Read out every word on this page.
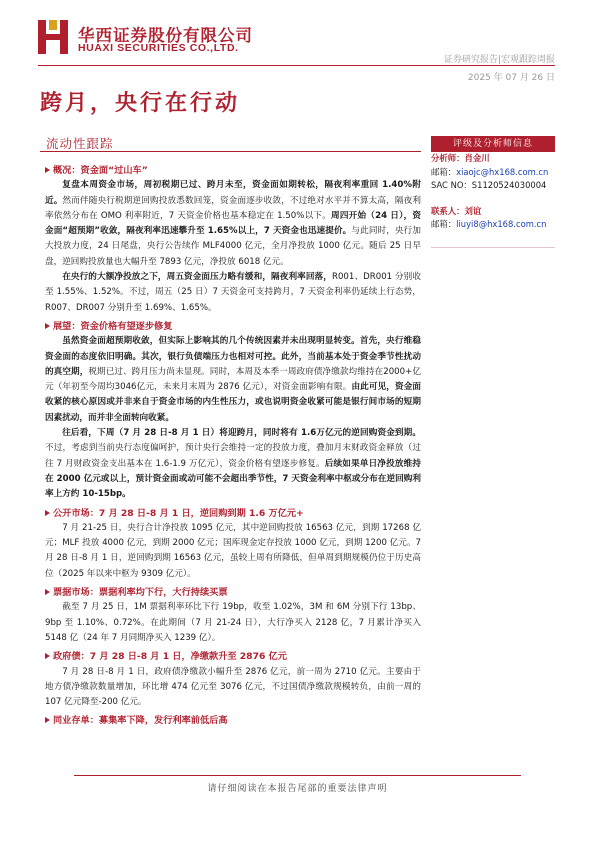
华西证券股份有限公司
HUAXI SECURITIES CO.,LTD.
证券研究报告|宏观跟踪周报
2025 年 07 月 26 日
跨月，央行在行动
流动性跟踪	评级及分析师信息
分析师：肖金川
邮箱：xiaojc@hx168.com.cn
SAC NO：S1120524030004
联系人：刘谊
邮箱：liuyi8@hx168.com.cn
概况：资金面“过山车”

复盘本周资金市场，周初税期已过、跨月未至，资金面如期转松，隔夜利率重回 1.40%附近。然而伴随央行税期逆回购投放悉数回笼，资金面逐步收敛，不过绝对水平并不算太高，隔夜利率依然分布在 OMO 利率附近，7 天资金价格也基本稳定在 1.50%以下。周四开始（24 日），资金面“超预期”收敛，隔夜利率迅速攀升至 1.65%以上，7 天资金也迅速提价。与此同时，央行加大投放力度，24 日尾盘，央行公告续作 MLF4000 亿元，全月净投放 1000 亿元。随后 25 日早盘，逆回购投放量也大幅升至 7893 亿元，净投放 6018 亿元。

在央行的大额净投放之下，周五资金面压力略有缓和，隔夜利率回落，R001、DR001 分别收至 1.55%、1.52%。不过，周五（25 日）7 天资金可支持跨月，7 天资金利率仍延续上行态势，R007、DR007 分别升至 1.69%、1.65%。

展望：资金价格有望逐步修复

虽然资金面超预期收敛，但实际上影响其的几个传统因素并未出现明显转变。首先，央行维稳资金面的态度依旧明确。其次，银行负债端压力也相对可控。此外，当前基本处于资金季节性扰动的真空期，税期已过、跨月压力尚未显现。同时，本周及本季一周政府债净缴款均维持在2000+亿元（年初至今周均3046亿元，未来月末周为 2876 亿元），对资金面影响有限。由此可见，资金面收紧的核心原因或并非来自于资金市场的内生性压力，或也说明资金收紧可能是银行间市场的短期因素扰动，而并非全面转向收紧。

往后看，下周（7 月 28 日-8 月 1 日）将迎跨月，同时将有 1.6万亿元的逆回购资金到期。不过，考虑到当前央行态度偏呵护，预计央行会维持一定的投放力度，叠加月末财政资金释放（过往 7 月财政资金支出基本在 1.6-1.9 万亿元），资金价格有望逐步修复。后续如果单日净投放维持在 2000 亿元或以上，预计资金面或动可能不会超出季节性，7 天资金利率中枢或分布在逆回购利率上方约 10-15bp。

公开市场：7 月 28 日-8 月 1 日，逆回购到期 1.6 万亿元+

7 月 21-25 日，央行合计净投放 1095 亿元，其中逆回购投放 16563 亿元，到期 17268 亿元；MLF 投放 4000 亿元，到期 2000 亿元；国库现金定存投放 1000 亿元，到期 1200 亿元。7 月 28 日-8 月 1 日，逆回购到期 16563 亿元，虽较上周有所降低，但单周到期规模仍位于历史高位（2025 年以来中枢为 9309 亿元）。

票据市场：票据利率均下行，大行持续买票

截至 7 月 25 日，1M 票据利率环比下行 19bp，收至 1.02%，3M 和 6M 分别下行 13bp、9bp 至 1.10%、0.72%。在此期间（7 月 21-24 日），大行净买入 2128 亿，7 月累计净买入 5148 亿（24 年 7 月同期净买入 1239 亿）。

政府债：7 月 28 日-8 月 1 日，净缴款升至 2876 亿元

7 月 28 日-8 月 1 日，政府债净缴款小幅升至 2876 亿元，前一周为 2710 亿元。主要由于地方债净缴款数量增加，环比增 474 亿元至 3076 亿元，不过国债净缴款规模转负，由前一周的 107 亿元降至-200 亿元。

同业存单：募集率下降，发行利率前低后高
请仔细阅读在本报告尾部的重要法律声明
